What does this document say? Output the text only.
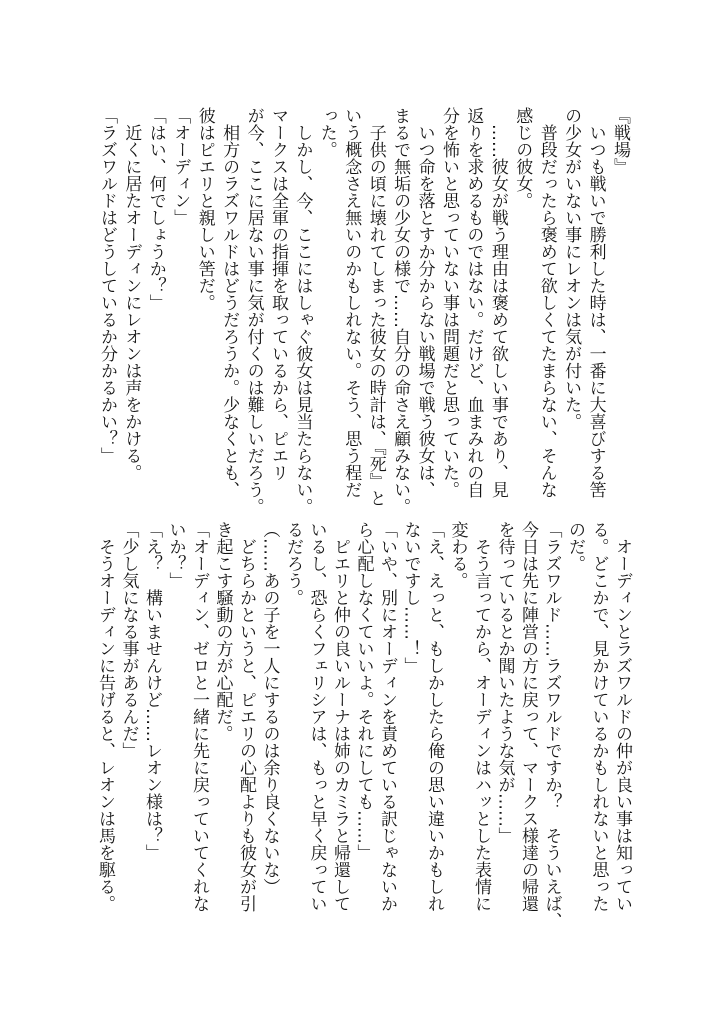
『戦場』
　いつも戦いで勝利した時は、一番に大喜びする筈
の少女がいない事にレオンは気が付いた。
　普段だったら褒めて欲しくてたまらない、そんな
感じの彼女。
　……彼女が戦う理由は褒めて欲しい事であり、見
返りを求めるものではない。だけど、血まみれの自
分を怖いと思っていない事は問題だと思っていた。
　いつ命を落とすか分からない戦場で戦う彼女は、
まるで無垢の少女の様で……自分の命さえ顧みない。
　子供の頃に壊れてしまった彼女の時計は、『死』と
いう概念さえ無いのかもしれない。そう、思う程だ
った。
　しかし、今、ここにはしゃぐ彼女は見当たらない。
マークスは全軍の指揮を取っているから、ピエリ
が今、ここに居ない事に気が付くのは難しいだろう。
　相方のラズワルドはどうだろうか。少なくとも、
彼はピエリと親しい筈だ。
「オーディン」
「はい、何でしょうか？」
　近くに居たオーディンにレオンは声をかける。
「ラズワルドはどうしているか分かるかい？」
　オーディンとラズワルドの仲が良い事は知ってい
る。どこかで、見かけているかもしれないと思った
のだ。
「ラズワルド……ラズワルドですか？　そういえば、
今日は先に陣営の方に戻って、マークス様達の帰還
を待っているとか聞いたような気が……」
　そう言ってから、オーディンはハッとした表情に
変わる。
「え、えっと、もしかしたら俺の思い違いかもしれ
ないですし……！」
「いや、別にオーディンを責めている訳じゃないか
ら心配しなくていいよ。それにしても……」
　ピエリと仲の良いルーナは姉のカミラと帰還して
いるし、恐らくフェリシアは、もっと早く戻ってい
るだろう。
（……あの子を一人にするのは余り良くないな）
　どちらかというと、ピエリの心配よりも彼女が引
き起こす騒動の方が心配だ。
「オーディン、ゼロと一緒に先に戻っていてくれな
いか？」
「え？　構いませんけど……レオン様は？」
「少し気になる事があるんだ」
　そうオーディンに告げると、レオンは馬を駆る。
